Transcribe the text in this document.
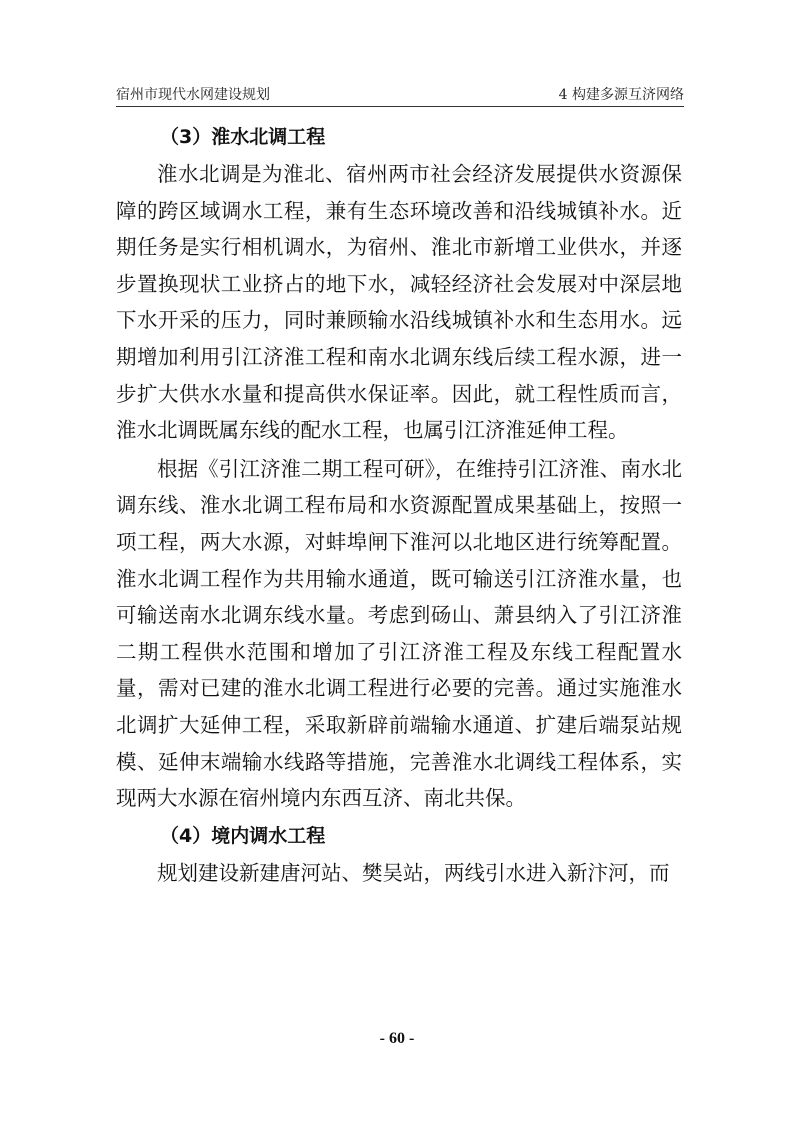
宿州市现代水网建设规划	4 构建多源互济网络
（3）淮水北调工程

淮水北调是为淮北、宿州两市社会经济发展提供水资源保障的跨区域调水工程，兼有生态环境改善和沿线城镇补水。近期任务是实行相机调水，为宿州、淮北市新增工业供水，并逐步置换现状工业挤占的地下水，减轻经济社会发展对中深层地下水开采的压力，同时兼顾输水沿线城镇补水和生态用水。远期增加利用引江济淮工程和南水北调东线后续工程水源，进一步扩大供水水量和提高供水保证率。因此，就工程性质而言，淮水北调既属东线的配水工程，也属引江济淮延伸工程。

根据《引江济淮二期工程可研》，在维持引江济淮、南水北调东线、淮水北调工程布局和水资源配置成果基础上，按照一项工程，两大水源，对蚌埠闸下淮河以北地区进行统筹配置。淮水北调工程作为共用输水通道，既可输送引江济淮水量，也可输送南水北调东线水量。考虑到砀山、萧县纳入了引江济淮二期工程供水范围和增加了引江济淮工程及东线工程配置水量，需对已建的淮水北调工程进行必要的完善。通过实施淮水北调扩大延伸工程，采取新辟前端输水通道、扩建后端泵站规模、延伸末端输水线路等措施，完善淮水北调线工程体系，实现两大水源在宿州境内东西互济、南北共保。

（4）境内调水工程

规划建设新建唐河站、樊吴站，两线引水进入新汴河，而

- 60 -
